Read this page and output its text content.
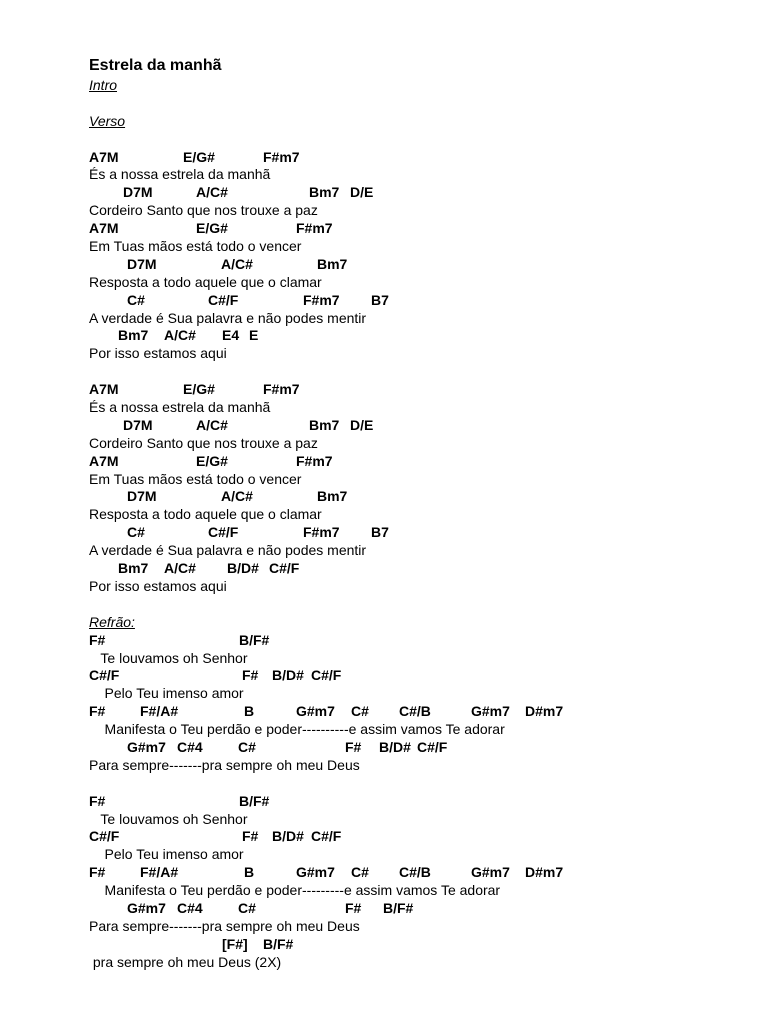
Estrela da manhã
Intro
Verso
A7M	E/G#	F#m7
És a nossa estrela da manhã
D7M	A/C#	Bm7 D/E
Cordeiro Santo que nos trouxe a paz
A7M	E/G#	F#m7
Em Tuas mãos está todo o vencer
D7M	A/C#	Bm7
Resposta a todo aquele que o clamar
C#	C#/F	F#m7 B7
A verdade é Sua palavra e não podes mentir
Bm7 A/C# E4 E
Por isso estamos aqui
A7M	E/G#	F#m7
És a nossa estrela da manhã
D7M	A/C#	Bm7 D/E
Cordeiro Santo que nos trouxe a paz
A7M	E/G#	F#m7
Em Tuas mãos está todo o vencer
D7M	A/C#	Bm7
Resposta a todo aquele que o clamar
C#	C#/F	F#m7 B7
A verdade é Sua palavra e não podes mentir
Bm7 A/C# B/D# C#/F
Por isso estamos aqui
Refrão:
F#	B/F#
Te louvamos oh Senhor
C#/F	F# B/D# C#/F
Pelo Teu imenso amor
F# F#/A#	B	G#m7 C# C#/B	G#m7 D#m7
Manifesta o Teu perdão e poder----------e assim vamos Te adorar
G#m7 C#4	C#	F# B/D# C#/F
Para sempre-------pra sempre oh meu Deus
F#	B/F#
Te louvamos oh Senhor
C#/F	F# B/D# C#/F
Pelo Teu imenso amor
F# F#/A#	B	G#m7 C# C#/B	G#m7 D#m7
Manifesta o Teu perdão e poder---------e assim vamos Te adorar
G#m7 C#4	C#	F# B/F#
Para sempre-------pra sempre oh meu Deus
[F#] B/F#
pra sempre oh meu Deus (2X)
